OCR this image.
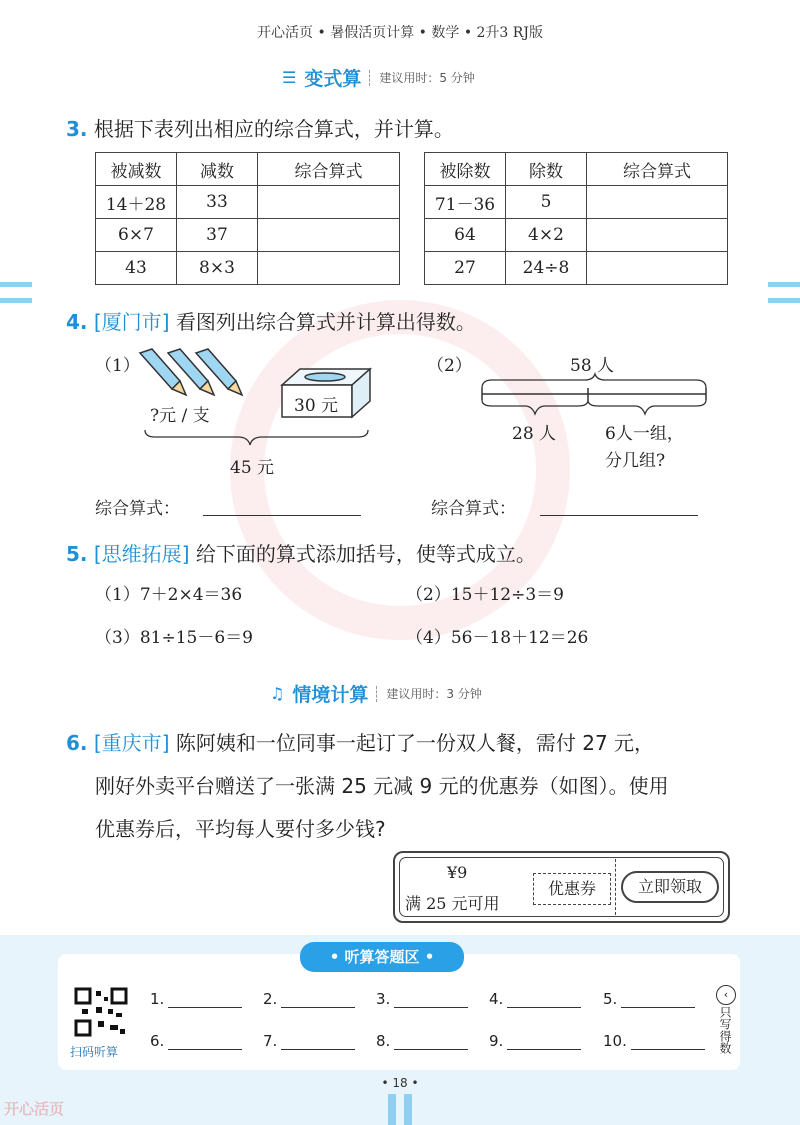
开心活页 • 暑假活页计算 • 数学 • 2升3 RJ版
☰ 变式算 建议用时：5 分钟
3. 根据下表列出相应的综合算式，并计算。
被减数	减数	综合算式
14＋28	33	
6×7	37	
43	8×3	
被除数	除数	综合算式
71－36	5	
64	4×2	
27	24÷8	
4. [厦门市] 看图列出综合算式并计算出得数。
（1）
?元 / 支	30 元
45 元
综合算式：
（2）	58 人
28 人	6人一组，
分几组?
综合算式：
5. [思维拓展] 给下面的算式添加括号，使等式成立。
（1）7＋2×4＝36	（2）15＋12÷3＝9
（3）81÷15－6＝9	（4）56－18＋12＝26
♫ 情境计算 建议用时：3 分钟
6. [重庆市] 陈阿姨和一位同事一起订了一份双人餐，需付 27 元，
刚好外卖平台赠送了一张满 25 元减 9 元的优惠券（如图）。使用
优惠券后，平均每人要付多少钱?
¥9
满 25 元可用
优惠券	立即领取
• 听算答题区 •
扫码听算
1.	2.	3.	4.	5.
6.	7.	8.	9.	10.
‹
只写得数
• 18 •
开心活页
